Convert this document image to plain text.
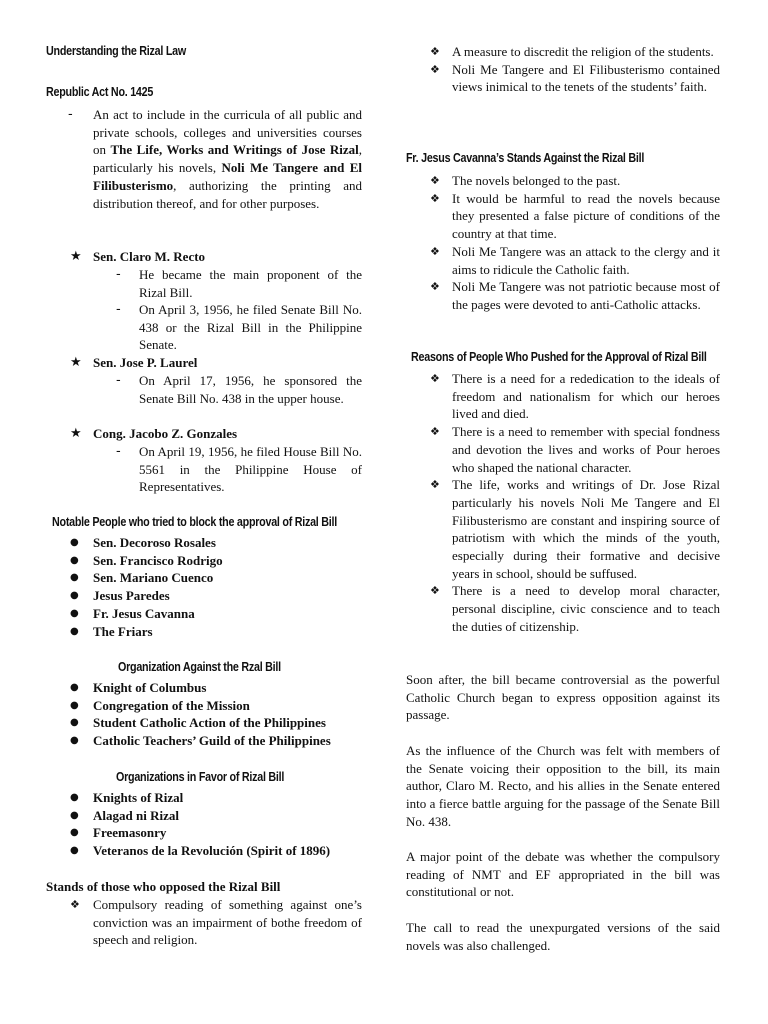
Understanding the Rizal Law
Republic Act No. 1425
- An act to include in the curricula of all public and private schools, colleges and universities courses on The Life, Works and Writings of Jose Rizal, particularly his novels, Noli Me Tangere and El Filibusterismo, authorizing the printing and distribution thereof, and for other purposes.
★ Sen. Claro M. Recto
- He became the main proponent of the Rizal Bill.
- On April 3, 1956, he filed Senate Bill No. 438 or the Rizal Bill in the Philippine Senate.
★ Sen. Jose P. Laurel
- On April 17, 1956, he sponsored the Senate Bill No. 438 in the upper house.
★ Cong. Jacobo Z. Gonzales
- On April 19, 1956, he filed House Bill No. 5561 in the Philippine House of Representatives.
Notable People who tried to block the approval of Rizal Bill
● Sen. Decoroso Rosales
● Sen. Francisco Rodrigo
● Sen. Mariano Cuenco
● Jesus Paredes
● Fr. Jesus Cavanna
● The Friars
Organization Against the Rzal Bill
● Knight of Columbus
● Congregation of the Mission
● Student Catholic Action of the Philippines
● Catholic Teachers’ Guild of the Philippines
Organizations in Favor of Rizal Bill
● Knights of Rizal
● Alagad ni Rizal
● Freemasonry
● Veteranos de la Revolución (Spirit of 1896)
Stands of those who opposed the Rizal Bill
❖ Compulsory reading of something against one’s conviction was an impairment of bothe freedom of speech and religion.
❖ A measure to discredit the religion of the students.
❖ Noli Me Tangere and El Filibusterismo contained views inimical to the tenets of the students’ faith.
Fr. Jesus Cavanna’s Stands Against the Rizal Bill
❖ The novels belonged to the past.
❖ It would be harmful to read the novels because they presented a false picture of conditions of the country at that time.
❖ Noli Me Tangere was an attack to the clergy and it aims to ridicule the Catholic faith.
❖ Noli Me Tangere was not patriotic because most of the pages were devoted to anti-Catholic attacks.
Reasons of People Who Pushed for the Approval of Rizal Bill
❖ There is a need for a rededication to the ideals of freedom and nationalism for which our heroes lived and died.
❖ There is a need to remember with special fondness and devotion the lives and works of Pour heroes who shaped the national character.
❖ The life, works and writings of Dr. Jose Rizal particularly his novels Noli Me Tangere and El Filibusterismo are constant and inspiring source of patriotism with which the minds of the youth, especially during their formative and decisive years in school, should be suffused.
❖ There is a need to develop moral character, personal discipline, civic conscience and to teach the duties of citizenship.
Soon after, the bill became controversial as the powerful Catholic Church began to express opposition against its passage.
As the influence of the Church was felt with members of the Senate voicing their opposition to the bill, its main author, Claro M. Recto, and his allies in the Senate entered into a fierce battle arguing for the passage of the Senate Bill No. 438.
A major point of the debate was whether the compulsory reading of NMT and EF appropriated in the bill was constitutional or not.
The call to read the unexpurgated versions of the said novels was also challenged.
